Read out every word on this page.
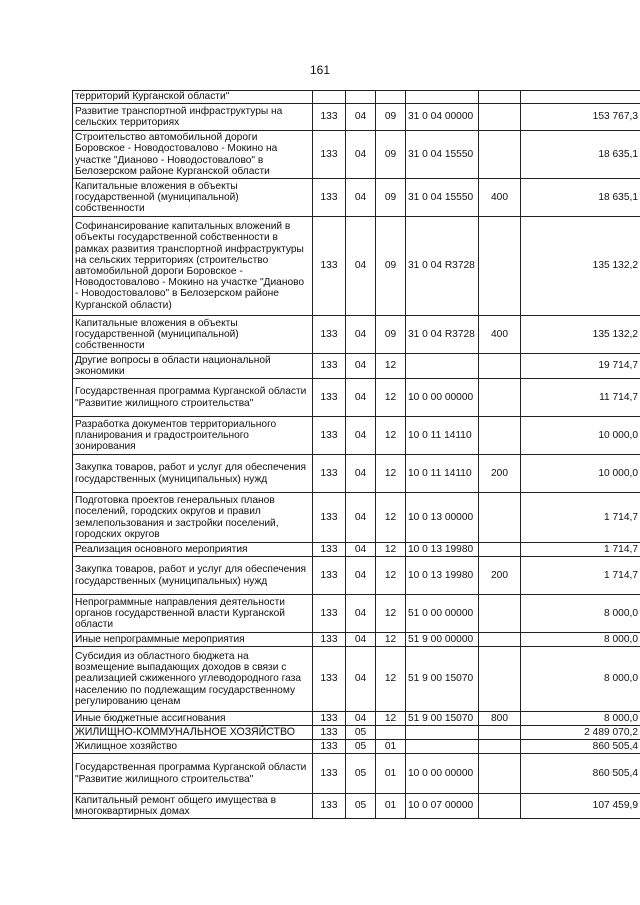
161
территорий Курганской области"						
Развитие транспортной инфраструктуры на сельских территориях	133	04	09	31 0 04 00000		153 767,3
Строительство автомобильной дороги Боровское - Новодостовалово - Мокино на участке "Дианово - Новодостовалово" в Белозерском районе Курганской области	133	04	09	31 0 04 15550		18 635,1
Капитальные вложения в объекты государственной (муниципальной) собственности	133	04	09	31 0 04 15550	400	18 635,1
Софинансирование капитальных вложений в объекты государственной собственности в рамках развития транспортной инфраструктуры на сельских территориях (строительство автомобильной дороги Боровское - Новодостовалово - Мокино на участке "Дианово - Новодостовалово" в Белозерском районе Курганской области)	133	04	09	31 0 04 R3728		135 132,2
Капитальные вложения в объекты государственной (муниципальной) собственности	133	04	09	31 0 04 R3728	400	135 132,2
Другие вопросы в области национальной экономики	133	04	12			19 714,7
Государственная программа Курганской области "Развитие жилищного строительства"	133	04	12	10 0 00 00000		11 714,7
Разработка документов территориального планирования и градостроительного зонирования	133	04	12	10 0 11 14110		10 000,0
Закупка товаров, работ и услуг для обеспечения государственных (муниципальных) нужд	133	04	12	10 0 11 14110	200	10 000,0
Подготовка проектов генеральных планов поселений, городских округов и правил землепользования и застройки поселений, городских округов	133	04	12	10 0 13 00000		1 714,7
Реализация основного мероприятия	133	04	12	10 0 13 19980		1 714,7
Закупка товаров, работ и услуг для обеспечения государственных (муниципальных) нужд	133	04	12	10 0 13 19980	200	1 714,7
Непрограммные направления деятельности органов государственной власти Курганской области	133	04	12	51 0 00 00000		8 000,0
Иные непрограммные мероприятия	133	04	12	51 9 00 00000		8 000,0
Субсидия из областного бюджета на возмещение выпадающих доходов в связи с реализацией сжиженного углеводородного газа населению по подлежащим государственному регулированию ценам	133	04	12	51 9 00 15070		8 000,0
Иные бюджетные ассигнования	133	04	12	51 9 00 15070	800	8 000,0
ЖИЛИЩНО-КОММУНАЛЬНОЕ ХОЗЯЙСТВО	133	05				2 489 070,2
Жилищное хозяйство	133	05	01			860 505,4
Государственная программа Курганской области "Развитие жилищного строительства"	133	05	01	10 0 00 00000		860 505,4
Капитальный ремонт общего имущества в многоквартирных домах	133	05	01	10 0 07 00000		107 459,9
